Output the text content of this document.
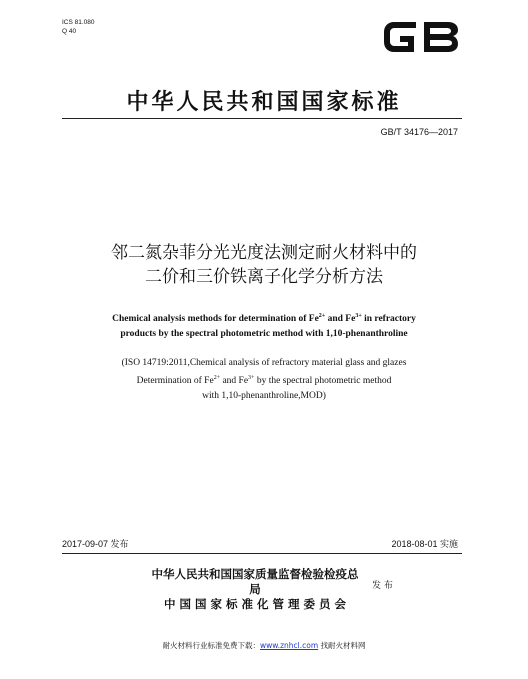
ICS 81.080
Q 40
中华人民共和国国家标准
GB/T 34176—2017
邻二氮杂菲分光光度法测定耐火材料中的
二价和三价铁离子化学分析方法
Chemical analysis methods for determination of $Fe^{2+}$ and $Fe^{3+}$ in refractory
products by the spectral photometric method with 1,10-phenanthroline
(ISO 14719:2011,Chemical analysis of refractory material glass and glazes
Determination of $Fe^{2+}$ and $Fe^{3+}$ by the spectral photometric method
with 1,10-phenanthroline,MOD)
2017-09-07 发布	2018-08-01 实施
中华人民共和国国家质量监督检验检疫总局
中 国 国 家 标 准 化 管 理 委 员 会
发 布
耐火材料行业标准免费下载：www.znhcl.com 找耐火材料网
